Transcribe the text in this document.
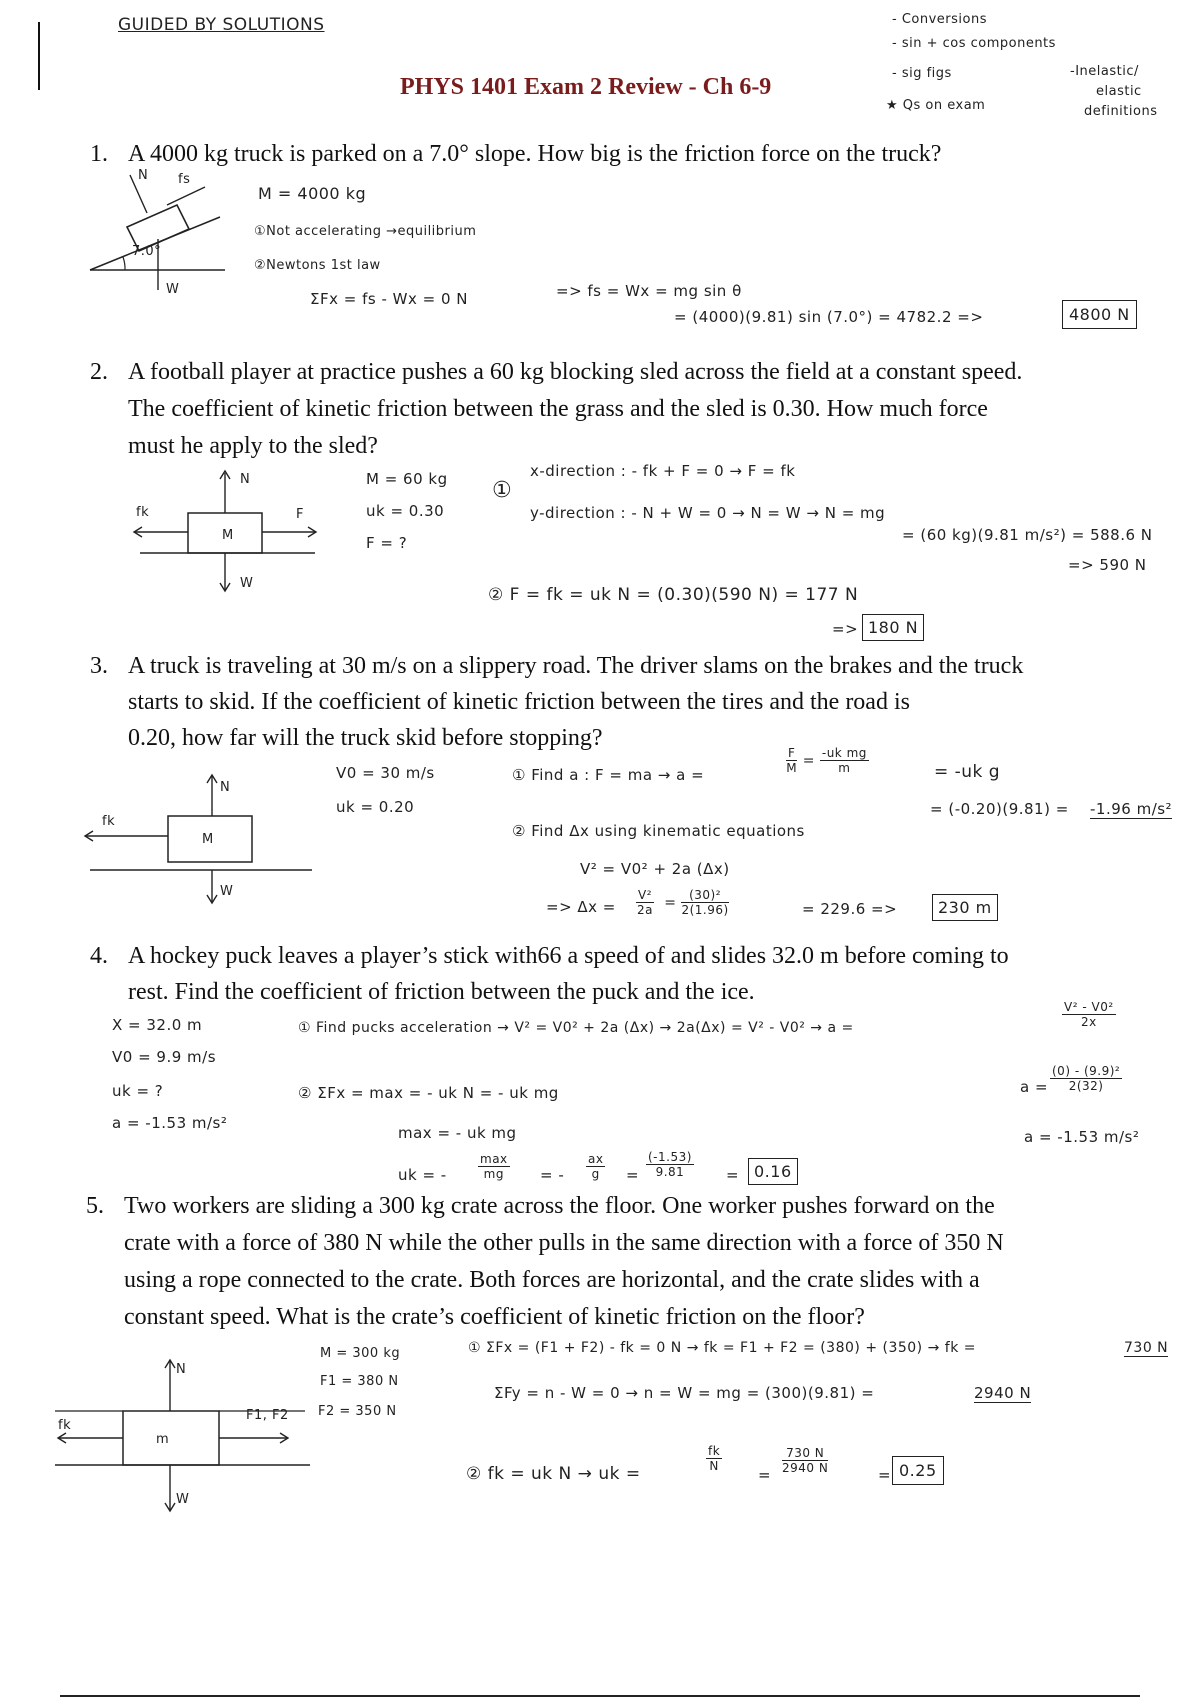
GUIDED BY SOLUTIONS
PHYS 1401 Exam 2 Review - Ch 6-9
- Conversions
- sin + cos components
- sig figs
★ Qs on exam
-Inelastic/
elastic
definitions
1. A 4000 kg truck is parked on a 7.0° slope. How big is the friction force on the truck?
N fs
7.0°
W
M = 4000 kg
①Not accelerating →equilibrium
②Newtons 1st law
ΣFx = fs - Wx = 0 N	=> fs = Wx = mg sin θ
= (4000)(9.81) sin (7.0°) = 4782.2 =>	4800 N
2. A football player at practice pushes a 60 kg blocking sled across the field at a constant speed.
The coefficient of kinetic friction between the grass and the sled is 0.30. How much force
must he apply to the sled?
N
fk
M
F
W
M = 60 kg
uk = 0.30
F = ?
①
x-direction : - fk + F = 0 → F = fk
y-direction : - N + W = 0 → N = W → N = mg
= (60 kg)(9.81 m/s²) = 588.6 N
=> 590 N
② F = fk = uk N = (0.30)(590 N) = 177 N
=> 180 N
3. A truck is traveling at 30 m/s on a slippery road. The driver slams on the brakes and the truck
starts to skid. If the coefficient of kinetic friction between the tires and the road is
0.20, how far will the truck skid before stopping?
N
fk
M
W
V0 = 30 m/s
uk = 0.20
① Find a : F = ma → a =	$\frac{F}{M} = \frac{\text{-uk mg}}{m}$	= -uk g
= (-0.20)(9.81) = -1.96 m/s²
② Find Δx using kinematic equations
V² = V0² + 2a (Δx)
=> $\Delta x = \frac{\text{V²}}{2a} = \frac{\text{(30)²}}{2(1.96)}$	= 229.6 =>	230 m
4. A hockey puck leaves a player’s stick with66 a speed of and slides 32.0 m before coming to
rest. Find the coefficient of friction between the puck and the ice.
X = 32.0 m
V0 = 9.9 m/s
uk = ?
a = -1.53 m/s²
① Find pucks acceleration → V² = V0² + 2a (Δx) → 2a(Δx) = V² - V0² → a =	$\frac{\text{V² - V0²}}{2x}$
$a = \frac{\text{(0) - (9.9)²}}{2(32)}$
a = -1.53 m/s²
② ΣFx = max = - uk N = - uk mg
max = - uk mg
uk = -	$\frac{\max}{mg}$ = - $\frac{ax}{g} = \frac{(-1.53)}{9.81} = 0.16$
5. Two workers are sliding a 300 kg crate across the floor. One worker pushes forward on the
crate with a force of 380 N while the other pulls in the same direction with a force of 350 N
using a rope connected to the crate. Both forces are horizontal, and the crate slides with a
constant speed. What is the crate’s coefficient of kinetic friction on the floor?
N
fk
m
F1, F2
W
M = 300 kg
F1 = 380 N
F2 = 350 N
① ΣFx = (F1 + F2) - fk = 0 N → fk = F1 + F2 = (380) + (350) → fk =	730 N
ΣFy = n - W = 0 → n = W = mg = (300)(9.81) =	2940 N
② fk = uk N → uk =
$\frac{fk}{N}$
= $\frac{730 N}{2940 N}$	= 0.25
